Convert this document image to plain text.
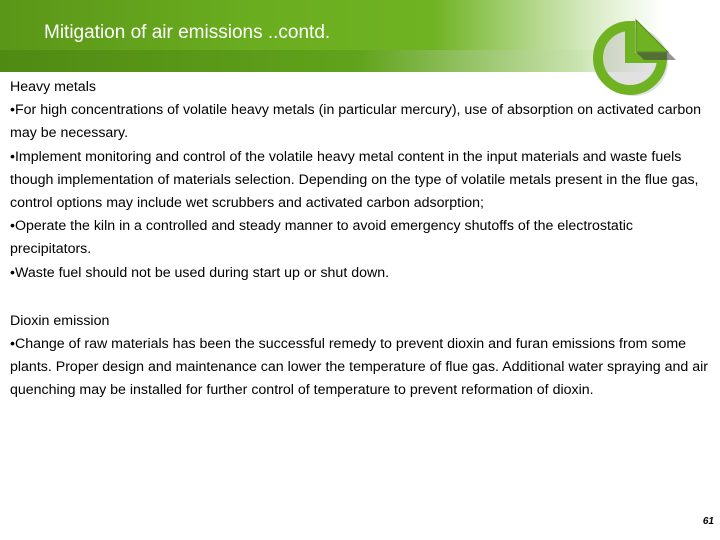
Mitigation of air emissions ..contd.

Heavy metals

•For high concentrations of volatile heavy metals (in particular mercury), use of absorption on activated carbon may be necessary.

•Implement monitoring and control of the volatile heavy metal content in the input materials and waste fuels though implementation of materials selection. Depending on the type of volatile metals present in the flue gas, control options may include wet scrubbers and activated carbon adsorption;

•Operate the kiln in a controlled and steady manner to avoid emergency shutoffs of the electrostatic precipitators.

•Waste fuel should not be used during start up or shut down.

Dioxin emission

•Change of raw materials has been the successful remedy to prevent dioxin and furan emissions from some plants. Proper design and maintenance can lower the temperature of flue gas. Additional water spraying and air quenching may be installed for further control of temperature to prevent reformation of dioxin.

61
